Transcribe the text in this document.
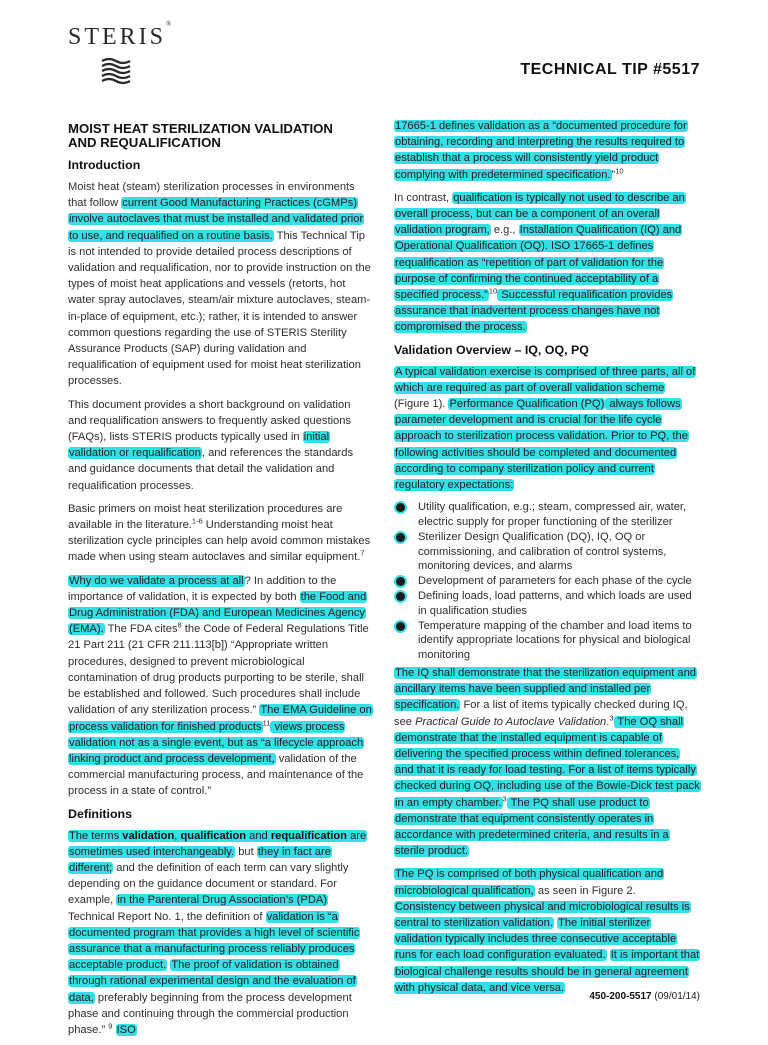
STERIS®
TECHNICAL TIP #5517
MOIST HEAT STERILIZATION VALIDATION
AND REQUALIFICATION
Introduction

Moist heat (steam) sterilization processes in environments that follow current Good Manufacturing Practices (cGMPs) involve autoclaves that must be installed and validated prior to use, and requalified on a routine basis. This Technical Tip is not intended to provide detailed process descriptions of validation and requalification, nor to provide instruction on the types of moist heat applications and vessels (retorts, hot water spray autoclaves, steam/air mixture autoclaves, steam-in-place of equipment, etc.); rather, it is intended to answer common questions regarding the use of STERIS Sterility Assurance Products (SAP) during validation and requalification of equipment used for moist heat sterilization processes.

This document provides a short background on validation and requalification answers to frequently asked questions (FAQs), lists STERIS products typically used in initial validation or requalification, and references the standards and guidance documents that detail the validation and requalification processes.

Basic primers on moist heat sterilization procedures are available in the literature.$^{1-6}$ Understanding moist heat sterilization cycle principles can help avoid common mistakes made when using steam autoclaves and similar equipment.$^7$

Why do we validate a process at all? In addition to the importance of validation, it is expected by both the Food and Drug Administration (FDA) and European Medicines Agency (EMA). The FDA cites$^8$ the Code of Federal Regulations Title 21 Part 211 (21 CFR 211.113[b]) “Appropriate written procedures, designed to prevent microbiological contamination of drug products purporting to be sterile, shall be established and followed. Such procedures shall include validation of any sterilization process.” The EMA Guideline on process validation for finished products$^{11}$ views process validation not as a single event, but as “a lifecycle approach linking product and process development, validation of the commercial manufacturing process, and maintenance of the process in a state of control.”

Definitions

The terms validation, qualification and requalification are sometimes used interchangeably. but they in fact are different; and the definition of each term can vary slightly depending on the guidance document or standard. For example, in the Parenteral Drug Association’s (PDA) Technical Report No. 1, the definition of validation is “a documented program that provides a high level of scientific assurance that a manufacturing process reliably produces acceptable product. The proof of validation is obtained through rational experimental design and the evaluation of data, preferably beginning from the process development phase and continuing through the commercial production phase.” $^9$ ISO

17665-1 defines validation as a “documented procedure for obtaining, recording and interpreting the results required to establish that a process will consistently yield product complying with predetermined specification.”$^{10}$

In contrast, qualification is typically not used to describe an overall process, but can be a component of an overall validation program, e.g., Installation Qualification (IQ) and Operational Qualification (OQ). ISO 17665-1 defines requalification as “repetition of part of validation for the purpose of confirming the continued acceptability of a specified process.”$^{10}$ Successful requalification provides assurance that inadvertent process changes have not compromised the process.

Validation Overview – IQ, OQ, PQ

A typical validation exercise is comprised of three parts, all of which are required as part of overall validation scheme (Figure 1). Performance Qualification (PQ) always follows parameter development and is crucial for the life cycle approach to sterilization process validation. Prior to PQ, the following activities should be completed and documented according to company sterilization policy and current regulatory expectations:

Utility qualification, e.g.; steam, compressed air, water, electric supply for proper functioning of the sterilizer
Sterilizer Design Qualification (DQ), IQ, OQ or commissioning, and calibration of control systems, monitoring devices, and alarms
Development of parameters for each phase of the cycle
Defining loads, load patterns, and which loads are used in qualification studies
Temperature mapping of the chamber and load items to identify appropriate locations for physical and biological monitoring

The IQ shall demonstrate that the sterilization equipment and ancillary items have been supplied and installed per specification. For a list of items typically checked during IQ, see Practical Guide to Autoclave Validation.$^3$ The OQ shall demonstrate that the installed equipment is capable of delivering the specified process within defined tolerances, and that it is ready for load testing. For a list of items typically checked during OQ, including use of the Bowie-Dick test pack in an empty chamber.$^3$ The PQ shall use product to demonstrate that equipment consistently operates in accordance with predetermined criteria, and results in a sterile product.

The PQ is comprised of both physical qualification and microbiological qualification, as seen in Figure 2. Consistency between physical and microbiological results is central to sterilization validation. The initial sterilizer validation typically includes three consecutive acceptable runs for each load configuration evaluated. It is important that biological challenge results should be in general agreement with physical data, and vice versa.

450-200-5517 (09/01/14)
